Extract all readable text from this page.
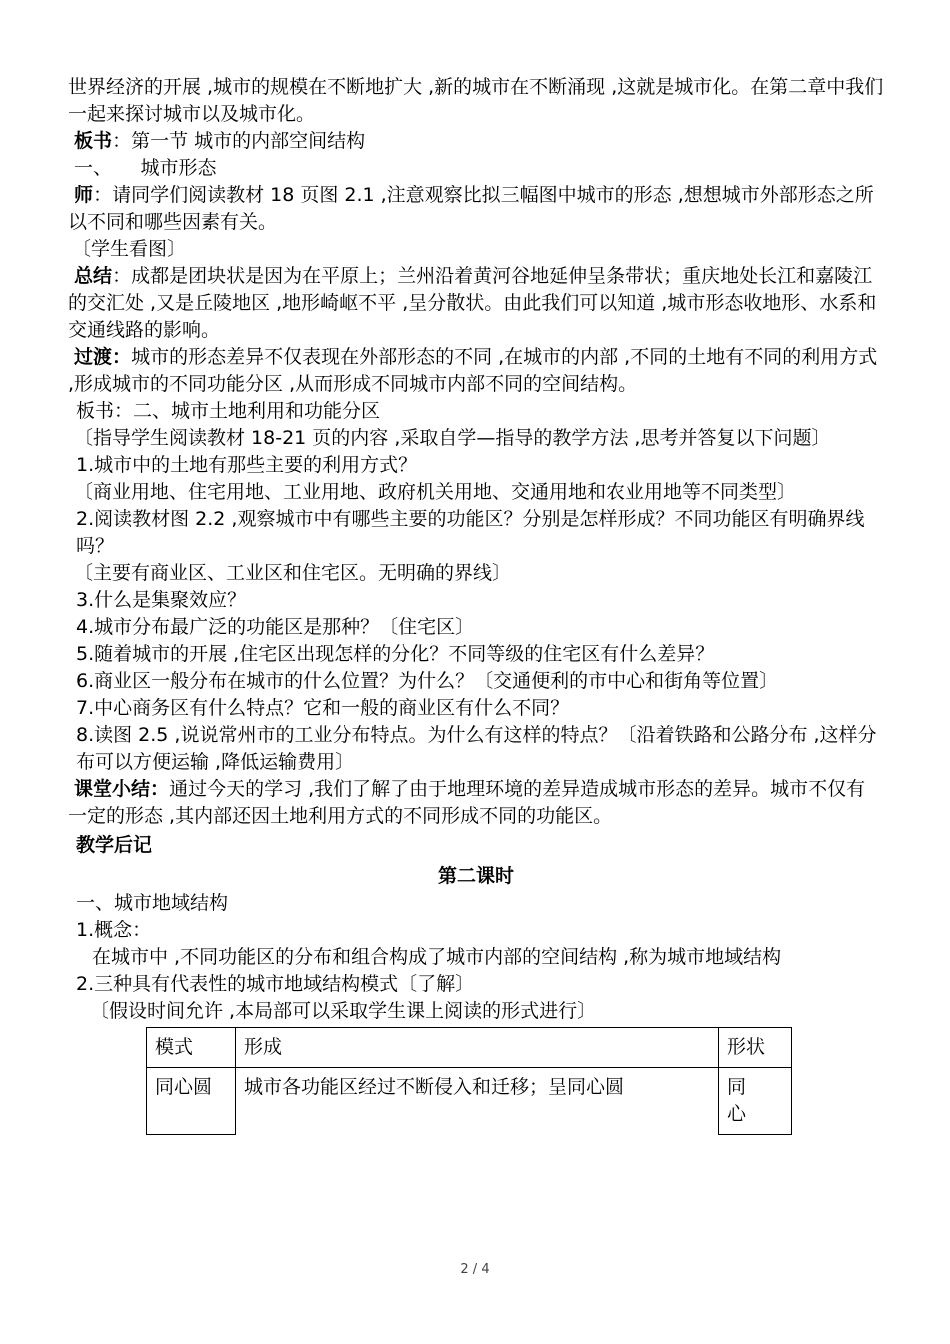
世界经济的开展 ,城市的规模在不断地扩大 ,新的城市在不断涌现 ,这就是城市化。在第二章中我们一起来探讨城市以及城市化。

板书：第一节 城市的内部空间结构

一、　　城市形态

师：请同学们阅读教材 18 页图 2.1 ,注意观察比拟三幅图中城市的形态 ,想想城市外部形态之所以不同和哪些因素有关。

〔学生看图〕

总结：成都是团块状是因为在平原上；兰州沿着黄河谷地延伸呈条带状；重庆地处长江和嘉陵江的交汇处 ,又是丘陵地区 ,地形崎岖不平 ,呈分散状。由此我们可以知道 ,城市形态收地形、水系和交通线路的影响。

过渡：城市的形态差异不仅表现在外部形态的不同 ,在城市的内部 ,不同的土地有不同的利用方式 ,形成城市的不同功能分区 ,从而形成不同城市内部不同的空间结构。

板书：二、城市土地利用和功能分区

〔指导学生阅读教材 18-21 页的内容 ,采取自学—指导的教学方法 ,思考并答复以下问题〕

1.城市中的土地有那些主要的利用方式？

〔商业用地、住宅用地、工业用地、政府机关用地、交通用地和农业用地等不同类型〕

2.阅读教材图 2.2 ,观察城市中有哪些主要的功能区？分别是怎样形成？不同功能区有明确界线吗？

〔主要有商业区、工业区和住宅区。无明确的界线〕

3.什么是集聚效应？

4.城市分布最广泛的功能区是那种？〔住宅区〕

5.随着城市的开展 ,住宅区出现怎样的分化？不同等级的住宅区有什么差异？

6.商业区一般分布在城市的什么位置？为什么？〔交通便利的市中心和街角等位置〕

7.中心商务区有什么特点？它和一般的商业区有什么不同？

8.读图 2.5 ,说说常州市的工业分布特点。为什么有这样的特点？〔沿着铁路和公路分布 ,这样分布可以方便运输 ,降低运输费用〕

课堂小结：通过今天的学习 ,我们了解了由于地理环境的差异造成城市形态的差异。城市不仅有一定的形态 ,其内部还因土地利用方式的不同形成不同的功能区。

教学后记

第二课时

一、城市地域结构

1.概念：

在城市中 ,不同功能区的分布和组合构成了城市内部的空间结构 ,称为城市地域结构

2.三种具有代表性的城市地域结构模式〔了解〕

〔假设时间允许 ,本局部可以采取学生课上阅读的形式进行〕

模式	形成	形状
同心圆	城市各功能区经过不断侵入和迁移；呈同心圆	同　心
2 / 4
